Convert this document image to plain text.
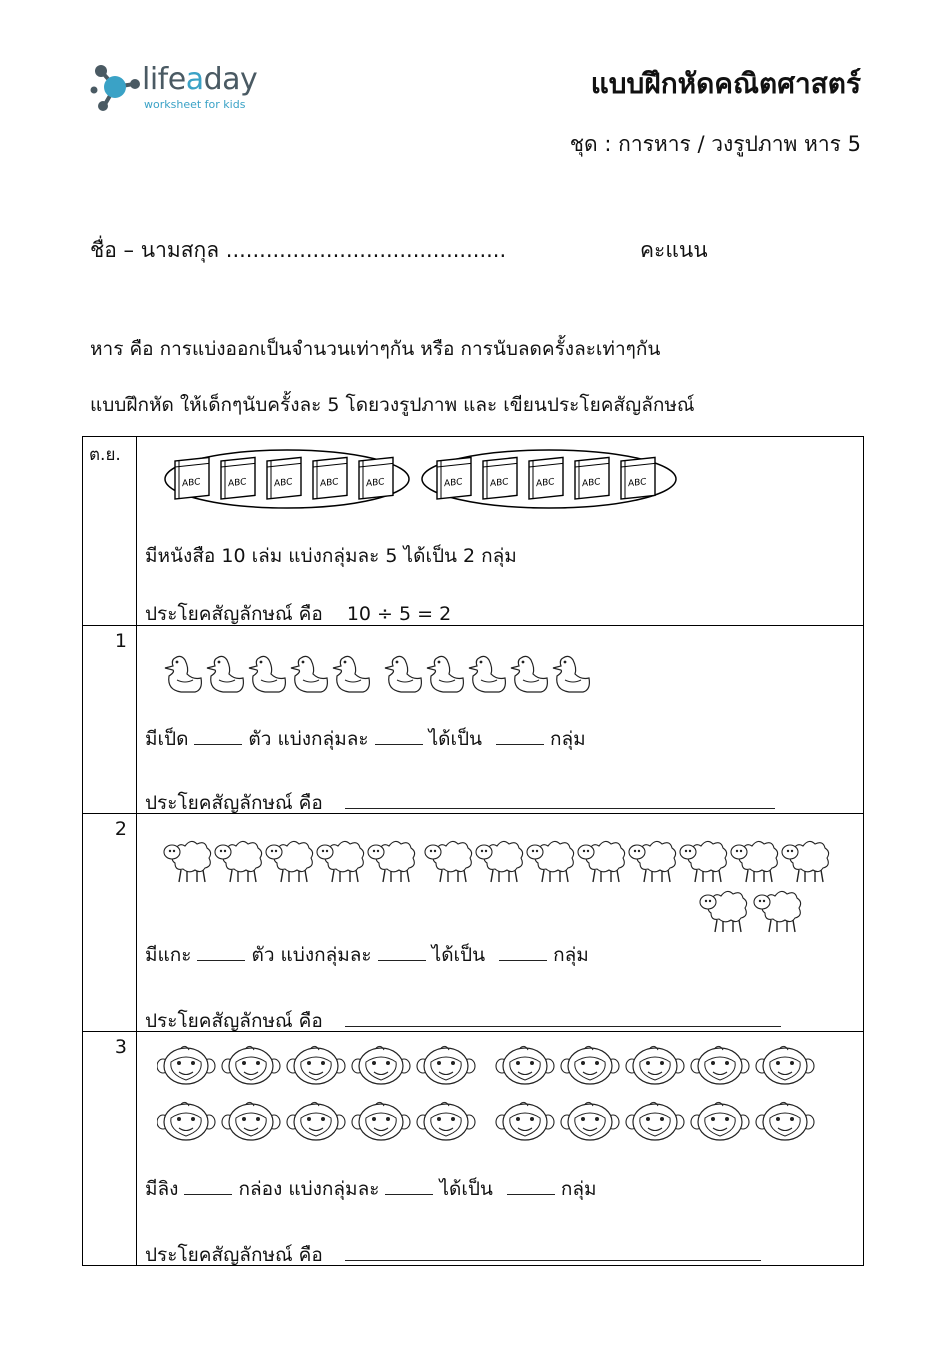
lifeaday
worksheet for kids
แบบฝึกหัดคณิตศาสตร์
ชุด : การหาร / วงรูปภาพ หาร 5
ชื่อ – นามสกุล ..........................................	คะแนน
หาร คือ การแบ่งออกเป็นจำนวนเท่าๆกัน หรือ การนับลดครั้งละเท่าๆกัน
แบบฝึกหัด ให้เด็กๆนับครั้งละ 5 โดยวงรูปภาพ และ เขียนประโยคสัญลักษณ์
ต.ย.
ABC	ABC	ABC	ABC	ABC	ABC	ABC	ABC	ABC	ABC
มีหนังสือ 10 เล่ม แบ่งกลุ่มละ 5 ได้เป็น 2 กลุ่ม
ประโยคสัญลักษณ์ คือ 10 ÷ 5 = 2
1
มีเป็ด	ตัว แบ่งกลุ่มละ	ได้เป็น	กลุ่ม
ประโยคสัญลักษณ์ คือ
2
มีแกะ	ตัว แบ่งกลุ่มละ	ได้เป็น	กลุ่ม
ประโยคสัญลักษณ์ คือ
3
มีลิง	กล่อง แบ่งกลุ่มละ	ได้เป็น	กลุ่ม
ประโยคสัญลักษณ์ คือ
